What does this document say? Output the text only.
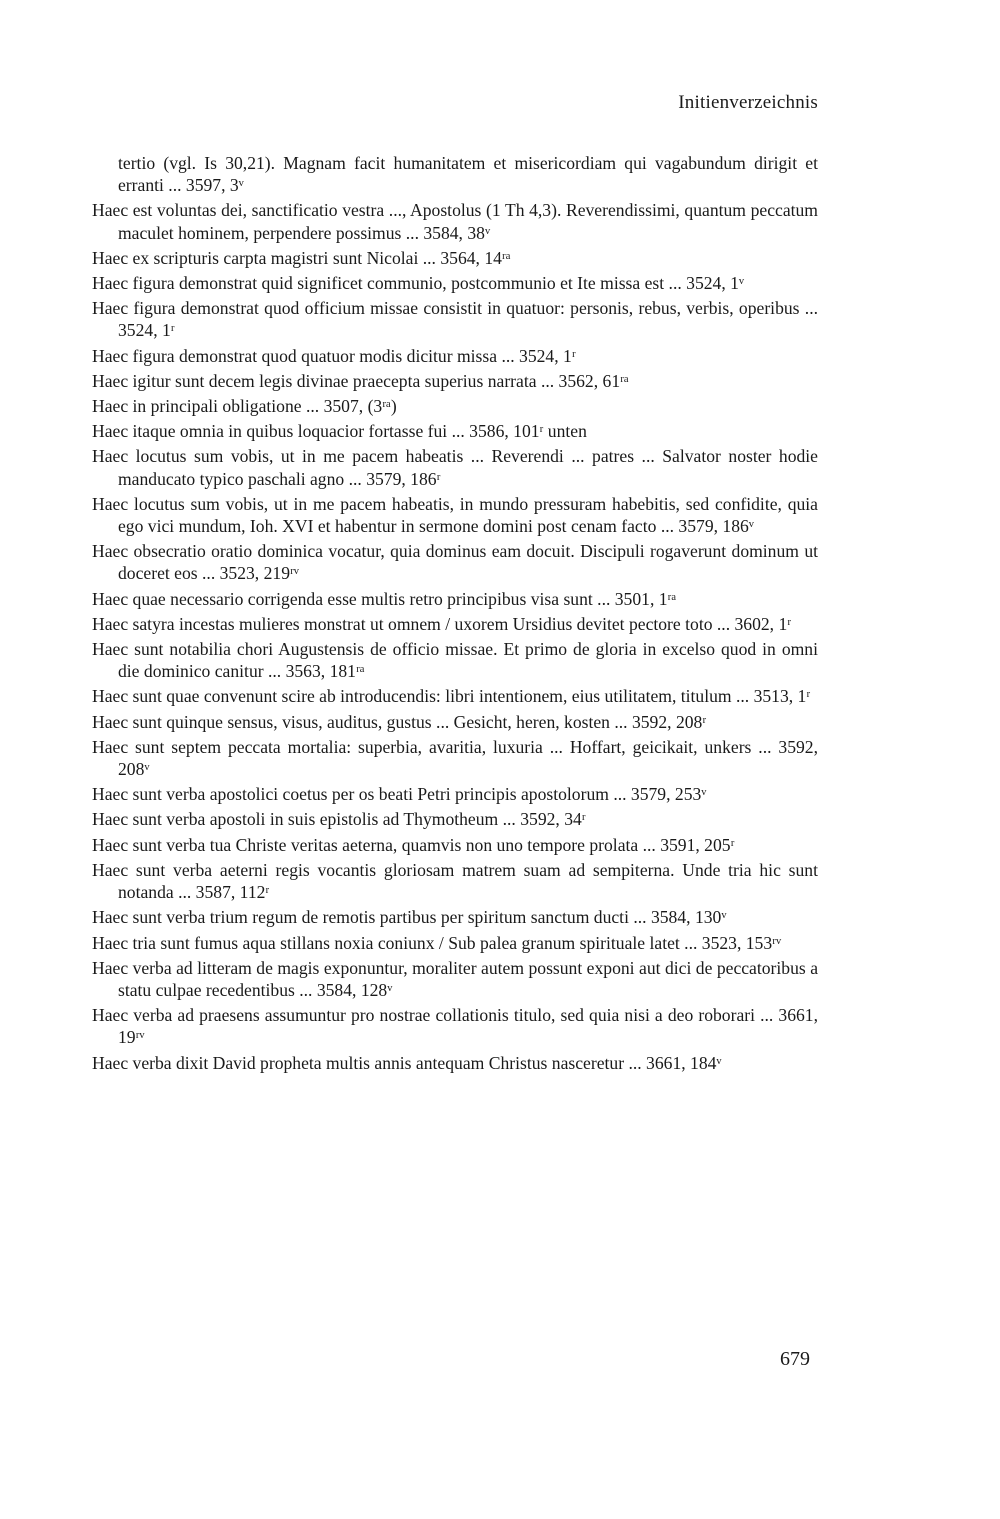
Initienverzeichnis
tertio (vgl. Is 30,21). Magnam facit humanitatem et misericordiam qui vagabundum dirigit et erranti ... 3597, 3ᵛ
Haec est voluntas dei, sanctificatio vestra ..., Apostolus (1 Th 4,3). Reverendissimi, quantum peccatum maculet hominem, perpendere possimus ... 3584, 38ᵛ
Haec ex scripturis carpta magistri sunt Nicolai ... 3564, 14ʳᵃ
Haec figura demonstrat quid significet communio, postcommunio et Ite missa est ... 3524, 1ᵛ
Haec figura demonstrat quod officium missae consistit in quatuor: personis, rebus, verbis, operibus ... 3524, 1ʳ
Haec figura demonstrat quod quatuor modis dicitur missa ... 3524, 1ʳ
Haec igitur sunt decem legis divinae praecepta superius narrata ... 3562, 61ʳᵃ
Haec in principali obligatione ... 3507, (3ʳᵃ)
Haec itaque omnia in quibus loquacior fortasse fui ... 3586, 101ʳ unten
Haec locutus sum vobis, ut in me pacem habeatis ... Reverendi ... patres ... Salvator noster hodie manducato typico paschali agno ... 3579, 186ʳ
Haec locutus sum vobis, ut in me pacem habeatis, in mundo pressuram habebitis, sed confidite, quia ego vici mundum, Ioh. XVI et habentur in sermone domini post cenam facto ... 3579, 186ᵛ
Haec obsecratio oratio dominica vocatur, quia dominus eam docuit. Discipuli rogaverunt dominum ut doceret eos ... 3523, 219ʳᵛ
Haec quae necessario corrigenda esse multis retro principibus visa sunt ... 3501, 1ʳᵃ
Haec satyra incestas mulieres monstrat ut omnem / uxorem Ursidius devitet pectore toto ... 3602, 1ʳ
Haec sunt notabilia chori Augustensis de officio missae. Et primo de gloria in excelso quod in omni die dominico canitur ... 3563, 181ʳᵃ
Haec sunt quae convenunt scire ab introducendis: libri intentionem, eius utilitatem, titulum ... 3513, 1ʳ
Haec sunt quinque sensus, visus, auditus, gustus ... Gesicht, heren, kosten ... 3592, 208ʳ
Haec sunt septem peccata mortalia: superbia, avaritia, luxuria ... Hoffart, geicikait, unkers ... 3592, 208ᵛ
Haec sunt verba apostolici coetus per os beati Petri principis apostolorum ... 3579, 253ᵛ
Haec sunt verba apostoli in suis epistolis ad Thymotheum ... 3592, 34ʳ
Haec sunt verba tua Christe veritas aeterna, quamvis non uno tempore prolata ... 3591, 205ʳ
Haec sunt verba aeterni regis vocantis gloriosam matrem suam ad sempiterna. Unde tria hic sunt notanda ... 3587, 112ʳ
Haec sunt verba trium regum de remotis partibus per spiritum sanctum ducti ... 3584, 130ᵛ
Haec tria sunt fumus aqua stillans noxia coniunx / Sub palea granum spirituale latet ... 3523, 153ʳᵛ
Haec verba ad litteram de magis exponuntur, moraliter autem possunt exponi aut dici de peccatoribus a statu culpae recedentibus ... 3584, 128ᵛ
Haec verba ad praesens assumuntur pro nostrae collationis titulo, sed quia nisi a deo roborari ... 3661, 19ʳᵛ
Haec verba dixit David propheta multis annis antequam Christus nasceretur ... 3661, 184ᵛ
679
